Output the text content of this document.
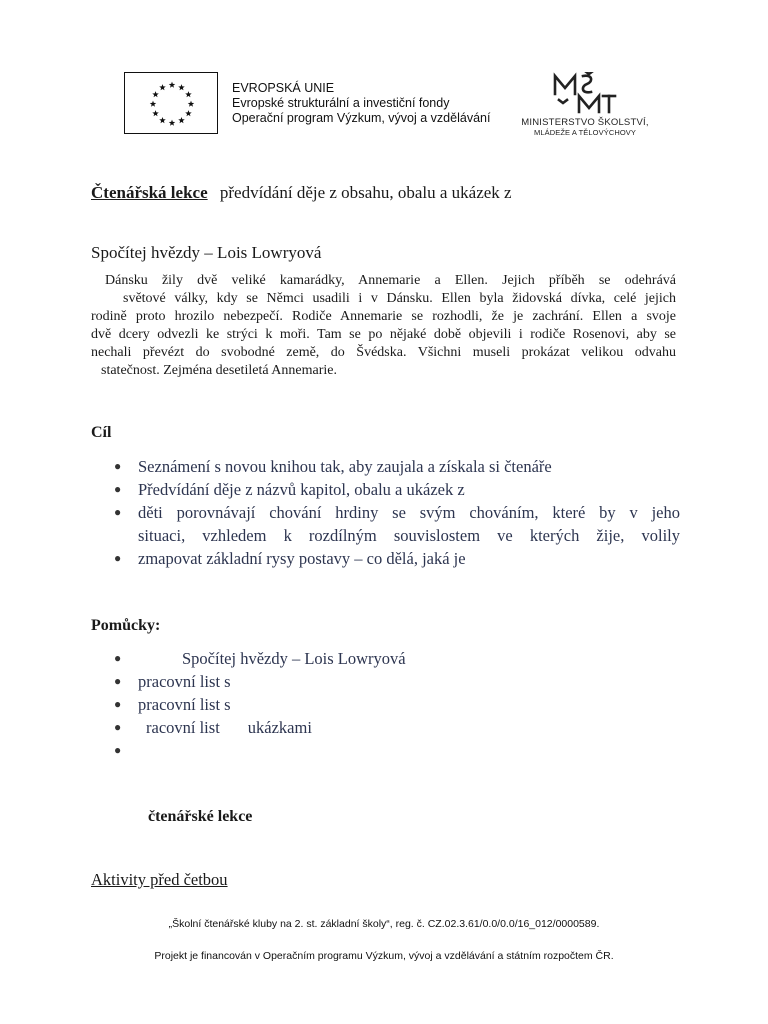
EVROPSKÁ UNIE
Evropské strukturální a investiční fondy
Operační program Výzkum, vývoj a vzdělávání	MINISTERSTVO ŠKOLSTVÍ,
MLÁDEŽE A TĚLOVÝCHOVY
Čtenářská lekce předvídání děje z obsahu, obalu a ukázek z
Spočítej hvězdy – Lois Lowryová
Dánsku žily dvě veliké kamarádky, Annemarie a Ellen. Jejich příběh se odehrává
světové války, kdy se Němci usadili i v Dánsku. Ellen byla židovská dívka, celé jejich
rodině proto hrozilo nebezpečí. Rodiče Annemarie se rozhodli, že je zachrání. Ellen a svoje
dvě dcery odvezli ke strýci k moři. Tam se po nějaké době objevili i rodiče Rosenovi, aby se
nechali převézt do svobodné země, do Švédska. Všichni museli prokázat velikou odvahu
statečnost. Zejména desetiletá Annemarie.
Cíl
● Seznámení s novou knihou tak, aby zaujala a získala si čtenáře
● Předvídání děje z názvů kapitol, obalu a ukázek z
● děti porovnávají chování hrdiny se svým chováním, které by v jeho
situaci, vzhledem k rozdílným souvislostem ve kterých žije, volily
● zmapovat základní rysy postavy – co dělá, jaká je
Pomůcky:
●	Spočítej hvězdy – Lois Lowryová
● pracovní list s
● pracovní list s
● racovní list ukázkami
●
čtenářské lekce
Aktivity před četbou
„Školní čtenářské kluby na 2. st. základní školy“, reg. č. CZ.02.3.61/0.0/0.0/16_012/0000589.
Projekt je financován v Operačním programu Výzkum, vývoj a vzdělávání a státním rozpočtem ČR.
